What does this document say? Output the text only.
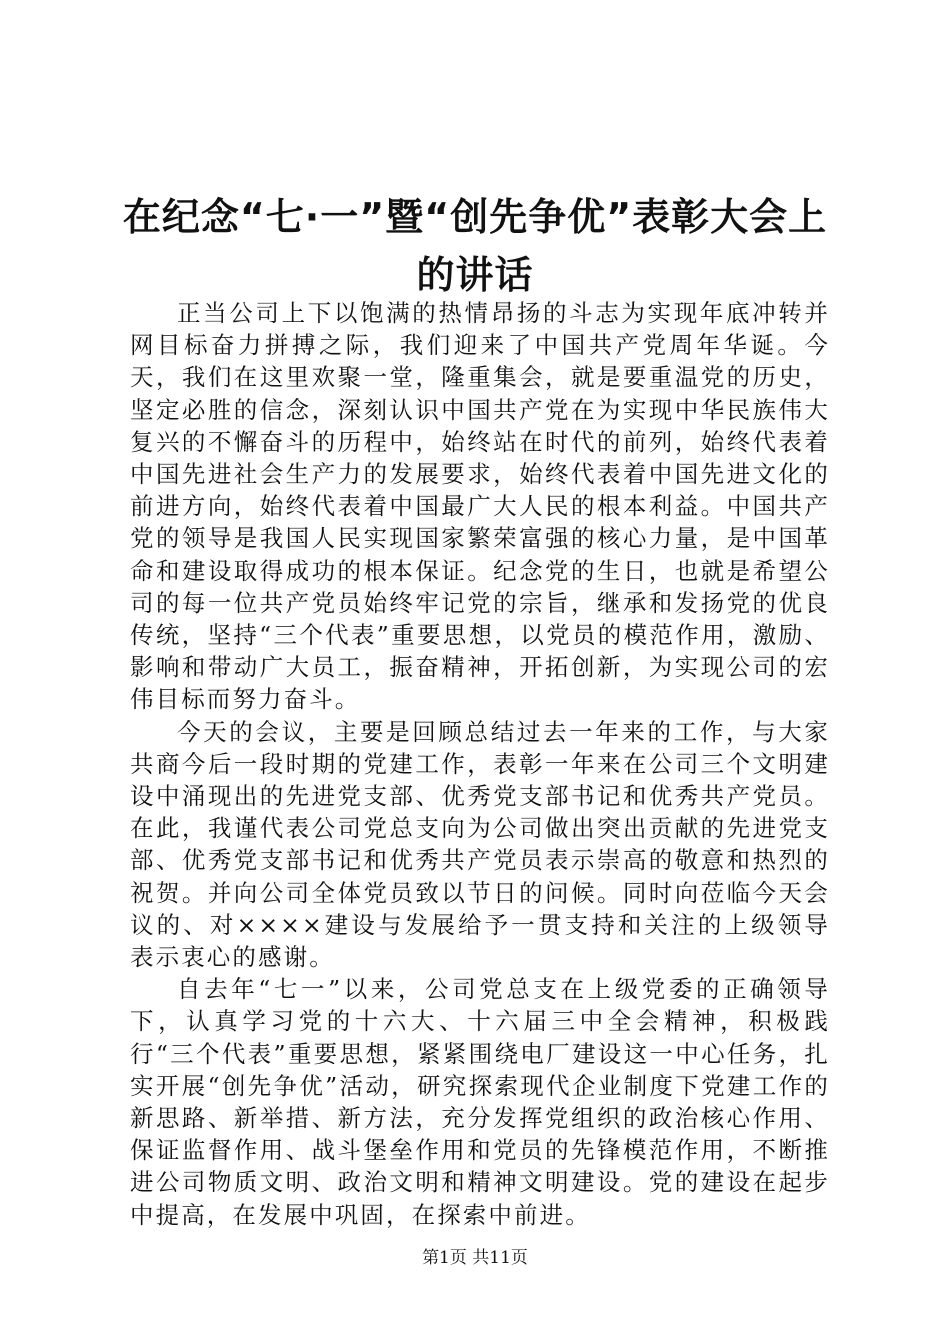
在纪念“七·一”暨“创先争优”表彰大会上
的讲话

正当公司上下以饱满的热情昂扬的斗志为实现年底冲转并网目标奋力拼搏之际，我们迎来了中国共产党周年华诞。今天，我们在这里欢聚一堂，隆重集会，就是要重温党的历史，坚定必胜的信念，深刻认识中国共产党在为实现中华民族伟大复兴的不懈奋斗的历程中，始终站在时代的前列，始终代表着中国先进社会生产力的发展要求，始终代表着中国先进文化的前进方向，始终代表着中国最广大人民的根本利益。中国共产党的领导是我国人民实现国家繁荣富强的核心力量，是中国革命和建设取得成功的根本保证。纪念党的生日，也就是希望公司的每一位共产党员始终牢记党的宗旨，继承和发扬党的优良传统，坚持“三个代表”重要思想，以党员的模范作用，激励、影响和带动广大员工，振奋精神，开拓创新，为实现公司的宏伟目标而努力奋斗。

今天的会议，主要是回顾总结过去一年来的工作，与大家共商今后一段时期的党建工作，表彰一年来在公司三个文明建设中涌现出的先进党支部、优秀党支部书记和优秀共产党员。在此，我谨代表公司党总支向为公司做出突出贡献的先进党支部、优秀党支部书记和优秀共产党员表示崇高的敬意和热烈的祝贺。并向公司全体党员致以节日的问候。同时向莅临今天会议的、对××××建设与发展给予一贯支持和关注的上级领导表示衷心的感谢。

自去年“七一”以来，公司党总支在上级党委的正确领导下，认真学习党的十六大、十六届三中全会精神，积极践行“三个代表”重要思想，紧紧围绕电厂建设这一中心任务，扎实开展“创先争优”活动，研究探索现代企业制度下党建工作的新思路、新举措、新方法，充分发挥党组织的政治核心作用、保证监督作用、战斗堡垒作用和党员的先锋模范作用，不断推进公司物质文明、政治文明和精神文明建设。党的建设在起步中提高，在发展中巩固，在探索中前进。

第1页 共11页
